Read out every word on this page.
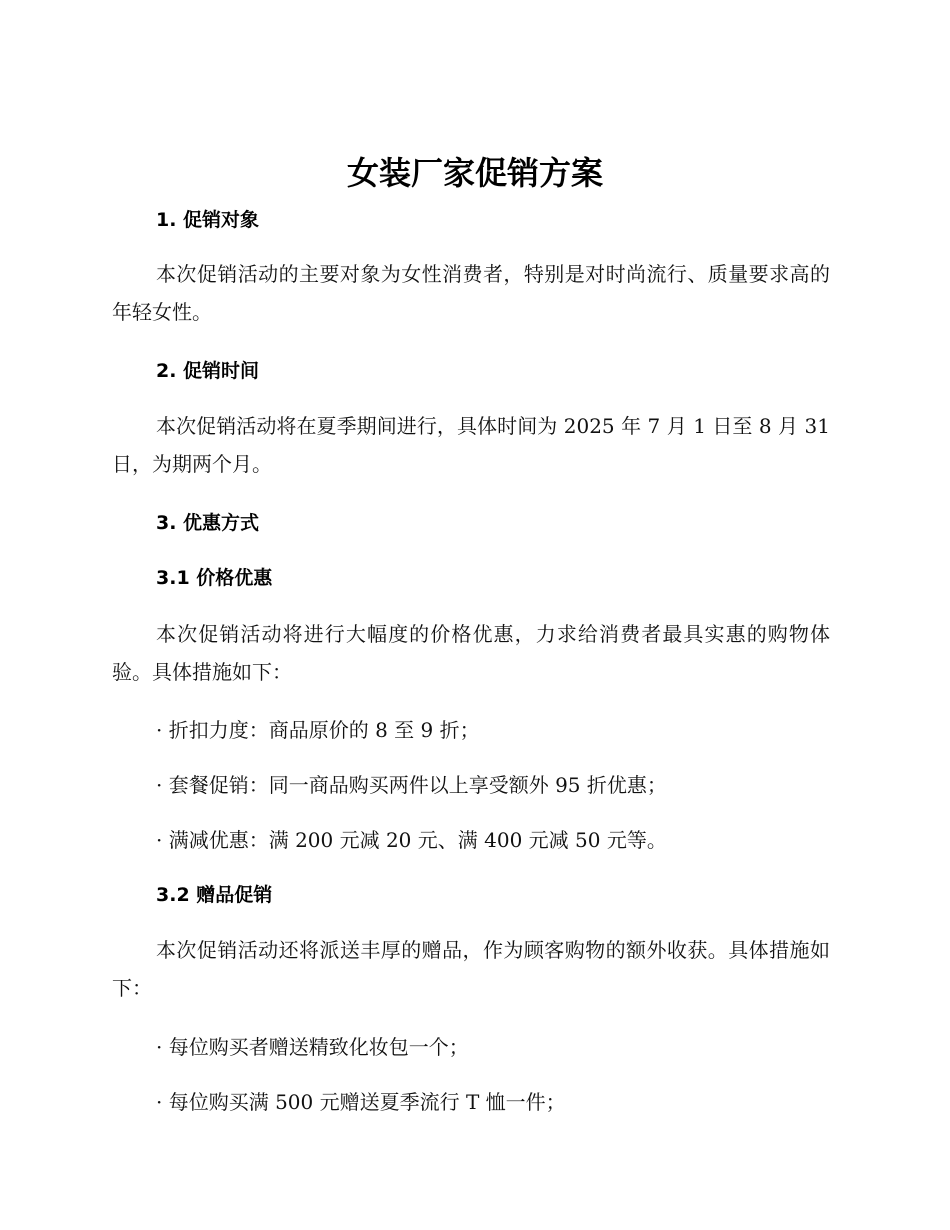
女装厂家促销方案
1. 促销对象
本次促销活动的主要对象为女性消费者，特别是对时尚流行、质量要求高的年轻女性。
2. 促销时间
本次促销活动将在夏季期间进行，具体时间为 2025 年 7 月 1 日至 8 月 31 日，为期两个月。
3. 优惠方式
3.1 价格优惠
本次促销活动将进行大幅度的价格优惠，力求给消费者最具实惠的购物体验。具体措施如下：
· 折扣力度：商品原价的 8 至 9 折；
· 套餐促销：同一商品购买两件以上享受额外 95 折优惠；
· 满减优惠：满 200 元减 20 元、满 400 元减 50 元等。
3.2 赠品促销
本次促销活动还将派送丰厚的赠品，作为顾客购物的额外收获。具体措施如下：
· 每位购买者赠送精致化妆包一个；
· 每位购买满 500 元赠送夏季流行 T 恤一件；
